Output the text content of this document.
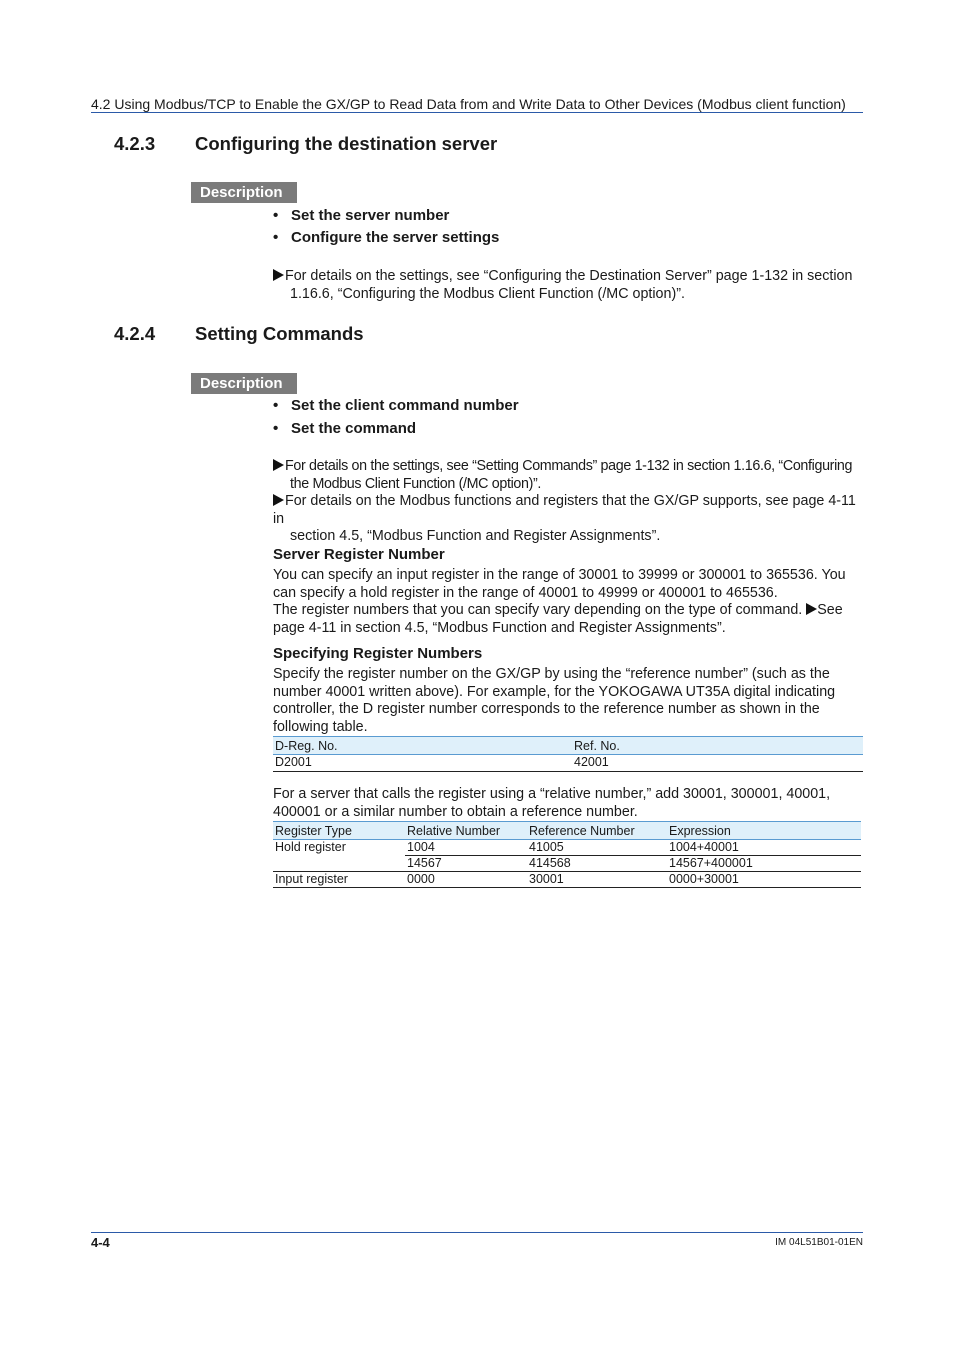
4.2 Using Modbus/TCP to Enable the GX/GP to Read Data from and Write Data to Other Devices (Modbus client function)
4.2.3 Configuring the destination server
Description
• Set the server number
• Configure the server settings
For details on the settings, see “Configuring the Destination Server” page 1-132 in section
1.16.6, “Configuring the Modbus Client Function (/MC option)”.
4.2.4 Setting Commands
Description
• Set the client command number
• Set the command
For details on the settings, see “Setting Commands” page 1-132 in section 1.16.6, “Configuring
the Modbus Client Function (/MC option)”.
For details on the Modbus functions and registers that the GX/GP supports, see page 4-11 in
section 4.5, “Modbus Function and Register Assignments”.
Server Register Number
You can specify an input register in the range of 30001 to 39999 or 300001 to 365536. You
can specify a hold register in the range of 40001 to 49999 or 400001 to 465536.
The register numbers that you can specify vary depending on the type of command. See
page 4-11 in section 4.5, “Modbus Function and Register Assignments”.
Specifying Register Numbers
Specify the register number on the GX/GP by using the “reference number” (such as the
number 40001 written above). For example, for the YOKOGAWA UT35A digital indicating
controller, the D register number corresponds to the reference number as shown in the
following table.
D-Reg. No.	Ref. No.
D2001	42001
For a server that calls the register using a “relative number,” add 30001, 300001, 40001,
400001 or a similar number to obtain a reference number.
Register Type	Relative Number	Reference Number	Expression
Hold register	1004	41005	1004+40001
	14567	414568	14567+400001
Input register	0000	30001	0000+30001
4-4	IM 04L51B01-01EN
